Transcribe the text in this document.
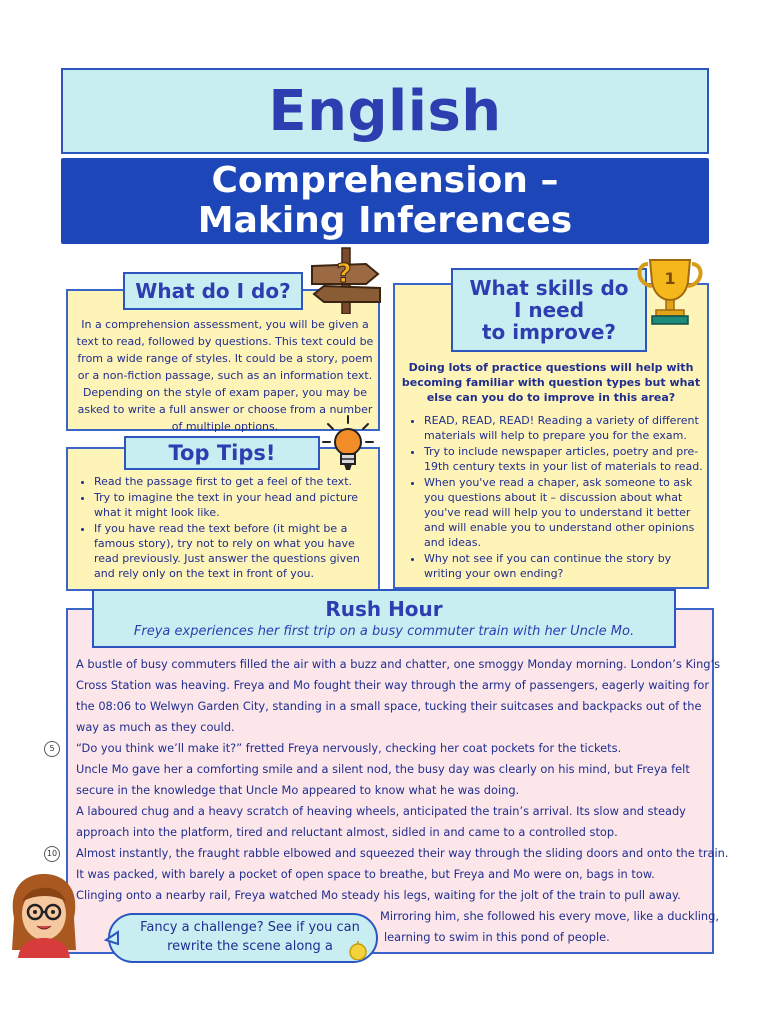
English
Comprehension –
Making Inferences
What do I do?
In a comprehension assessment, you will be given a text to read, followed by questions. This text could be from a wide range of styles. It could be a story, poem or a non-fiction passage, such as an information text. Depending on the style of exam paper, you may be asked to write a full answer or choose from a number of multiple options.
?
Top Tips!
• Read the passage first to get a feel of the text.
• Try to imagine the text in your head and picture what it might look like.
• If you have read the text before (it might be a famous story), try not to rely on what you have read previously. Just answer the questions given and rely only on the text in front of you.
What skills do
I need
to improve?
1
Doing lots of practice questions will help with becoming familiar with question types but what else can you do to improve in this area?
• READ, READ, READ! Reading a variety of different materials will help to prepare you for the exam.
• Try to include newspaper articles, poetry and pre-19th century texts in your list of materials to read.
• When you've read a chaper, ask someone to ask you questions about it – discussion about what you've read will help you to understand it better and will enable you to understand other opinions and ideas.
• Why not see if you can continue the story by writing your own ending?
Rush Hour
Freya experiences her first trip on a busy commuter train with her Uncle Mo.
A bustle of busy commuters filled the air with a buzz and chatter, one smoggy Monday morning. London’s King’s
Cross Station was heaving. Freya and Mo fought their way through the army of passengers, eagerly waiting for
the 08:06 to Welwyn Garden City, standing in a small space, tucking their suitcases and backpacks out of the
way as much as they could.
5	“Do you think we’ll make it?” fretted Freya nervously, checking her coat pockets for the tickets.
Uncle Mo gave her a comforting smile and a silent nod, the busy day was clearly on his mind, but Freya felt
secure in the knowledge that Uncle Mo appeared to know what he was doing.
A laboured chug and a heavy scratch of heaving wheels, anticipated the train’s arrival. Its slow and steady
approach into the platform, tired and reluctant almost, sidled in and came to a controlled stop.
10 Almost instantly, the fraught rabble elbowed and squeezed their way through the sliding doors and onto the train.
It was packed, with barely a pocket of open space to breathe, but Freya and Mo were on, bags in tow.
Clinging onto a nearby rail, Freya watched Mo steady his legs, waiting for the jolt of the train to pull away.
Mirroring him, she followed his every move, like a duckling,
learning to swim in this pond of people.
Fancy a challenge? See if you can
rewrite the scene along a
